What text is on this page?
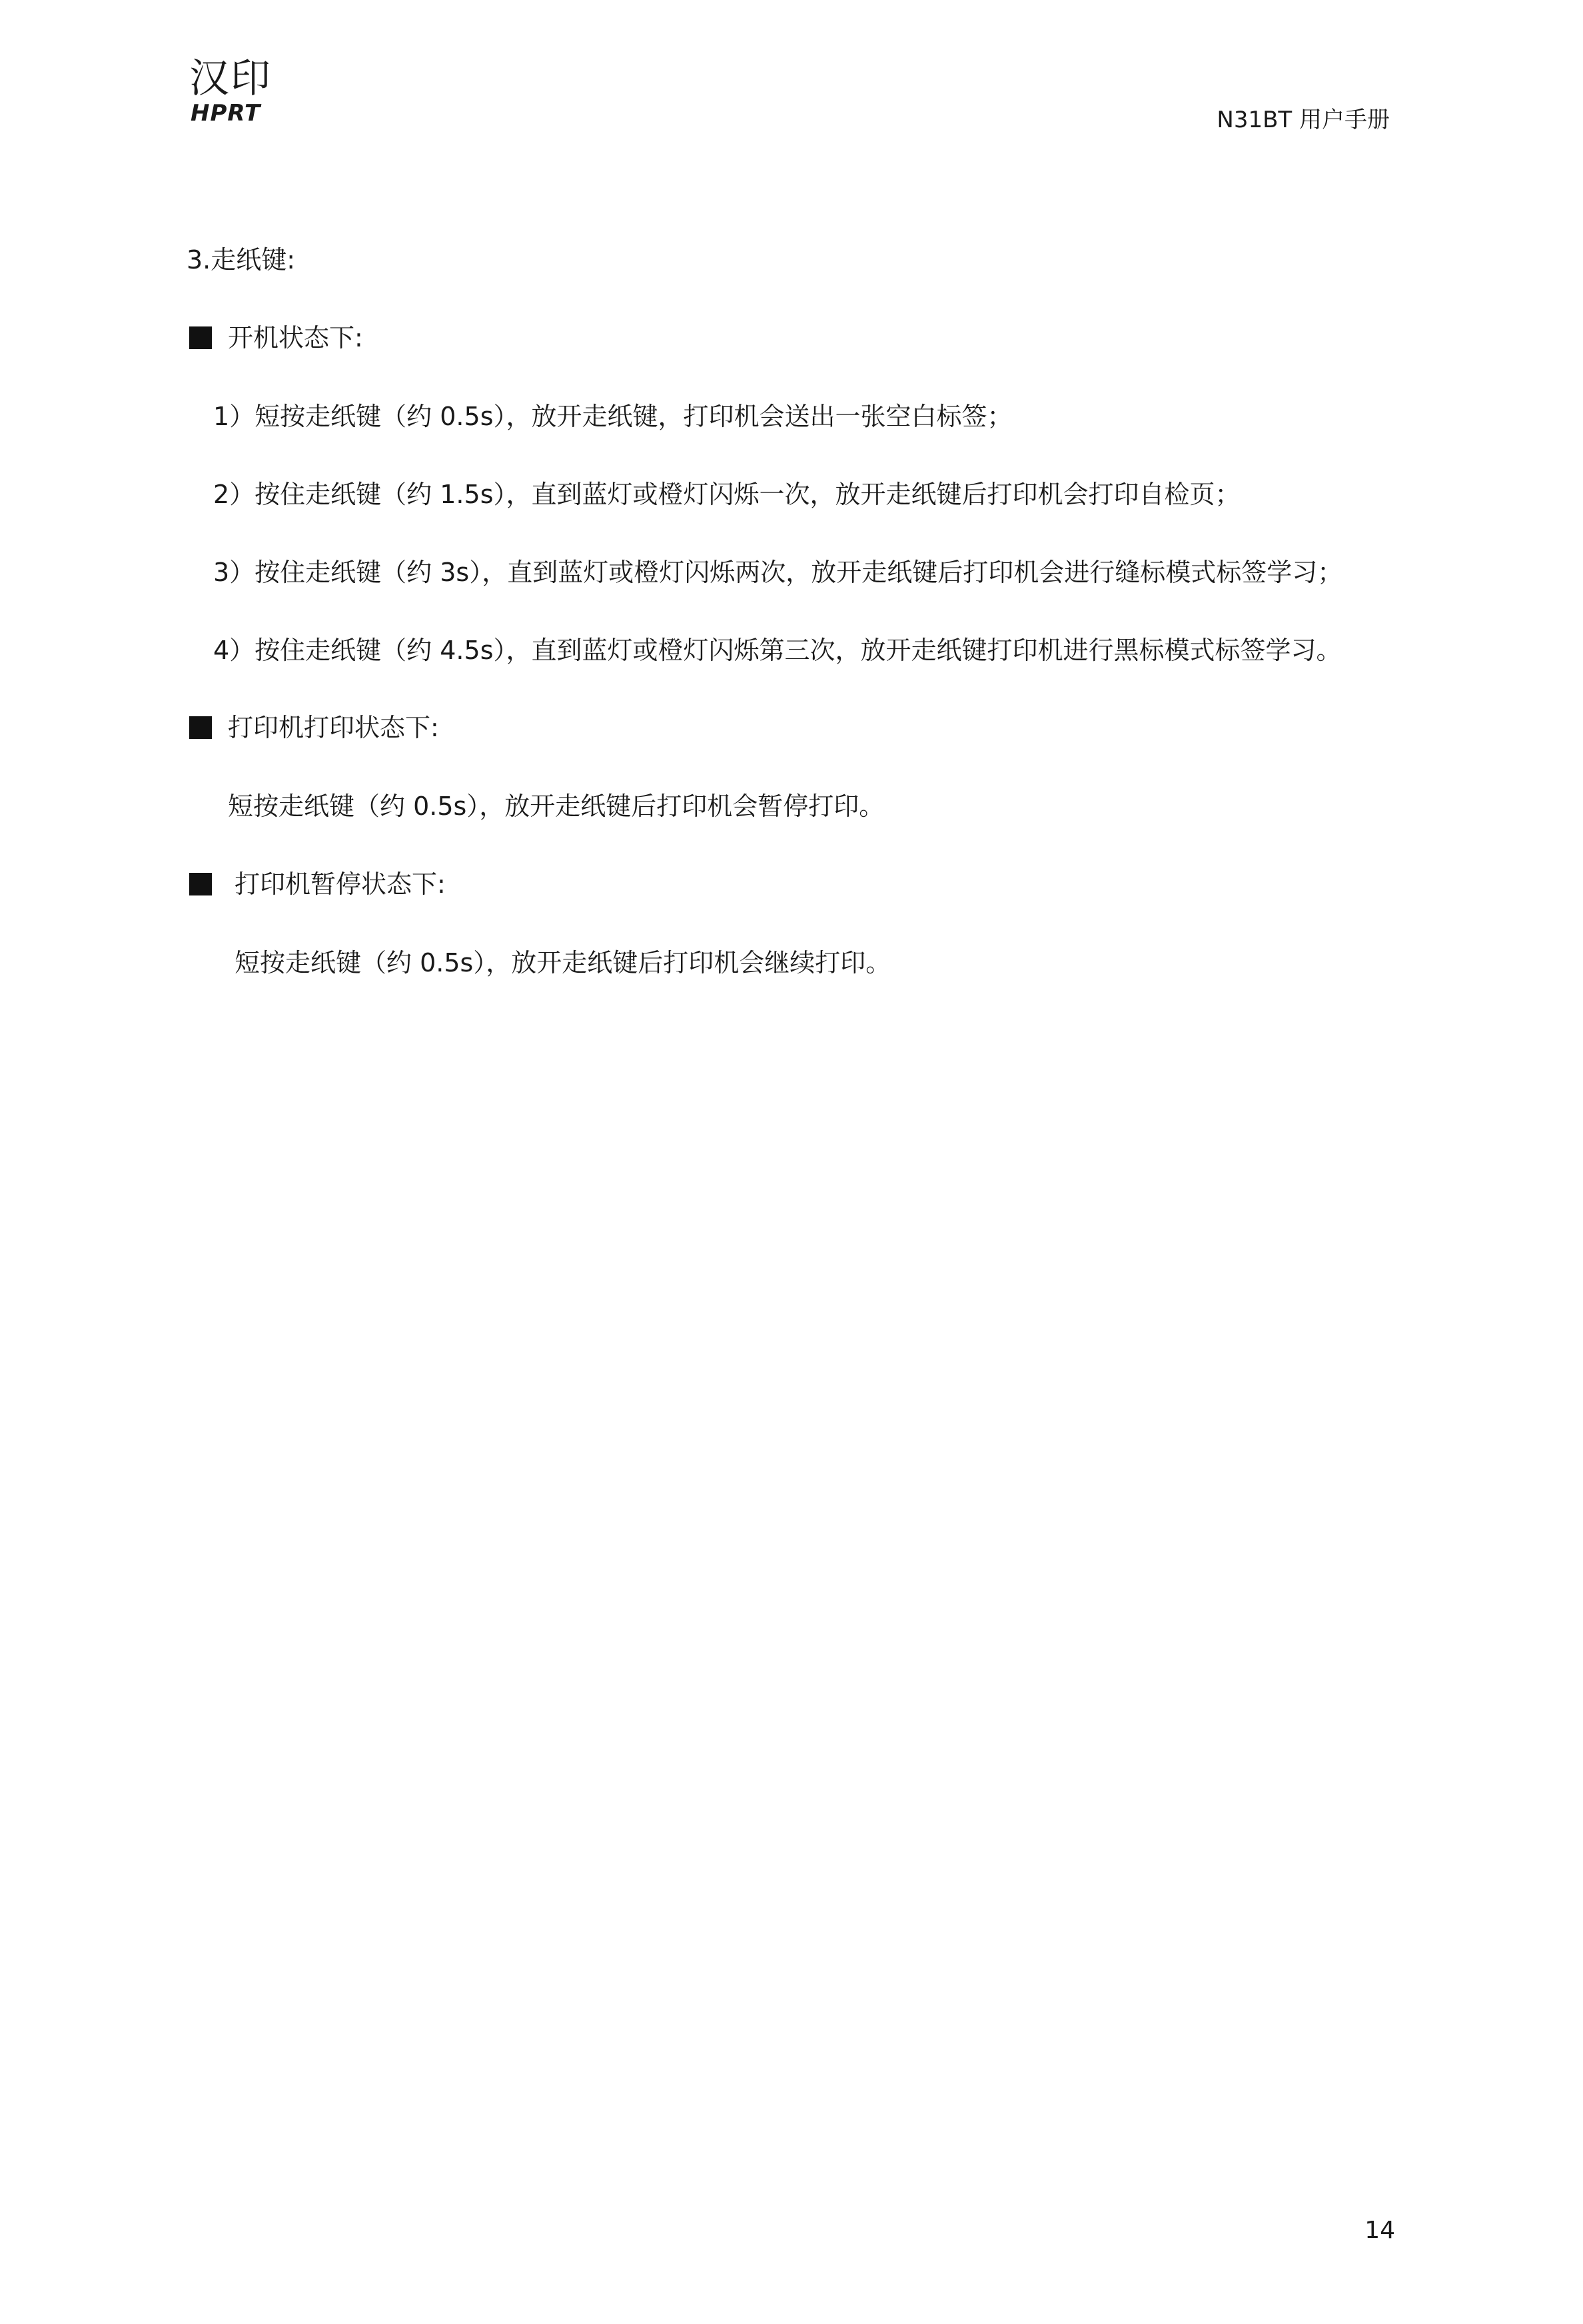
汉印
HPRT	N31BT 用户手册
3.走纸键:
开机状态下:
1）短按走纸键（约 0.5s），放开走纸键，打印机会送出一张空白标签；
2）按住走纸键（约 1.5s），直到蓝灯或橙灯闪烁一次，放开走纸键后打印机会打印自检页；
3）按住走纸键（约 3s），直到蓝灯或橙灯闪烁两次，放开走纸键后打印机会进行缝标模式标签学习；
4）按住走纸键（约 4.5s），直到蓝灯或橙灯闪烁第三次，放开走纸键打印机进行黑标模式标签学习。
打印机打印状态下:
短按走纸键（约 0.5s），放开走纸键后打印机会暂停打印。
打印机暂停状态下:
短按走纸键（约 0.5s），放开走纸键后打印机会继续打印。
14
